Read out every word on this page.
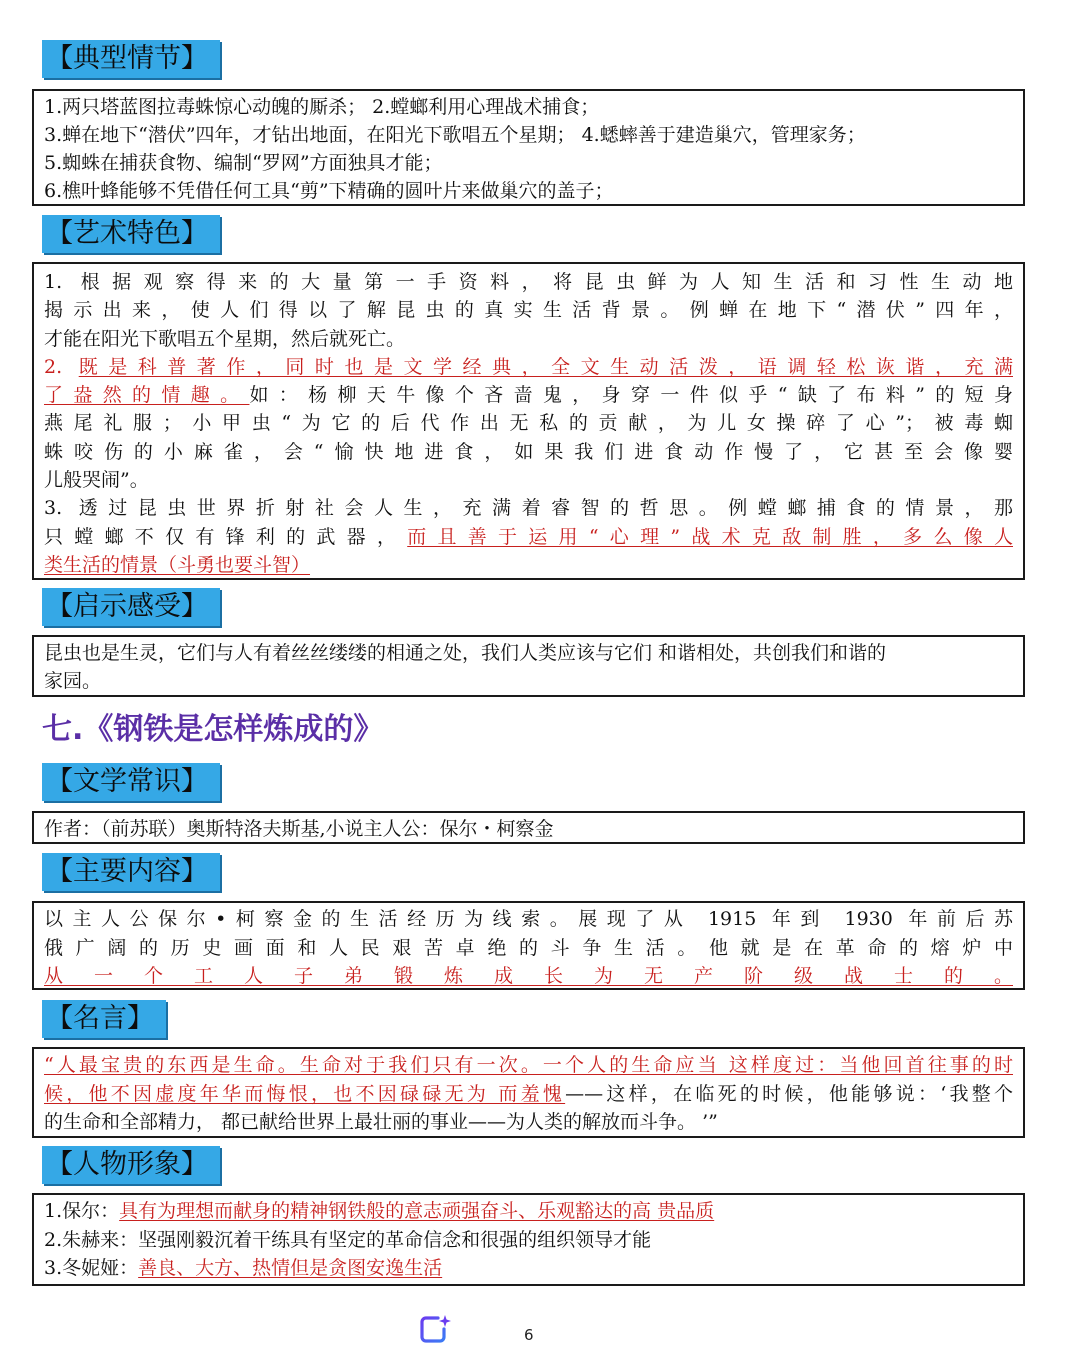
【典型情节】
1.两只塔蓝图拉毒蛛惊心动魄的厮杀； 2.螳螂利用心理战术捕食；
3.蝉在地下“潜伏”四年，才钻出地面，在阳光下歌唱五个星期； 4.蟋蟀善于建造巢穴，管理家务；
5.蜘蛛在捕获食物、编制“罗网”方面独具才能；
6.樵叶蜂能够不凭借任何工具“剪”下精确的圆叶片来做巢穴的盖子；
【艺术特色】
1. 根据观察得来的大量第一手资料，将昆虫鲜为人知生活和习性生动地
揭示出来，使人们得以了解昆虫的真实生活背景。例蝉在地下“潜伏”四年，
才能在阳光下歌唱五个星期，然后就死亡。
2. 既是科普著作，同时也是文学经典，全文生动活泼，语调轻松诙谐，充满
了盎然的情趣。如：杨柳天牛像个吝啬鬼，身穿一件似乎“缺了布料”的短身
燕尾礼服；小甲虫“为它的后代作出无私的贡献，为儿女操碎了心”；被毒蜘
蛛咬伤的小麻雀，会“愉快地进食，如果我们进食动作慢了，它甚至会像婴
儿般哭闹”。
3. 透过昆虫世界折射社会人生，充满着睿智的哲思。例螳螂捕食的情景，那
只螳螂不仅有锋利的武器，而且善于运用“心理”战术克敌制胜，多么像人
类生活的情景（斗勇也要斗智）
【启示感受】
昆虫也是生灵，它们与人有着丝丝缕缕的相通之处，我们人类应该与它们 和谐相处，共创我们和谐的
家园。
七.《钢铁是怎样炼成的》
【文学常识】
作者：（前苏联）奥斯特洛夫斯基,小说主人公：保尔・柯察金
【主要内容】
以主人公保尔•柯察金的生活经历为线索。展现了从 1915 年到 1930 年前后苏
俄广阔的历史画面和人民艰苦卓绝的斗争生活。他就是在革命的熔炉中
从一个工人子弟锻炼成长为无产阶级战士的。
【名言】
“人最宝贵的东西是生命。生命对于我们只有一次。一个人的生命应当 这样度过：当他回首往事的时
候，他不因虚度年华而悔恨，也不因碌碌无为 而羞愧——这样，在临死的时候，他能够说：‘我整个
的生命和全部精力， 都已献给世界上最壮丽的事业——为人类的解放而斗争。 ’”
【人物形象】
1.保尔：具有为理想而献身的精神钢铁般的意志顽强奋斗、乐观豁达的高 贵品质
2.朱赫来：坚强刚毅沉着干练具有坚定的革命信念和很强的组织领导才能
3.冬妮娅：善良、大方、热情但是贪图安逸生活
6
